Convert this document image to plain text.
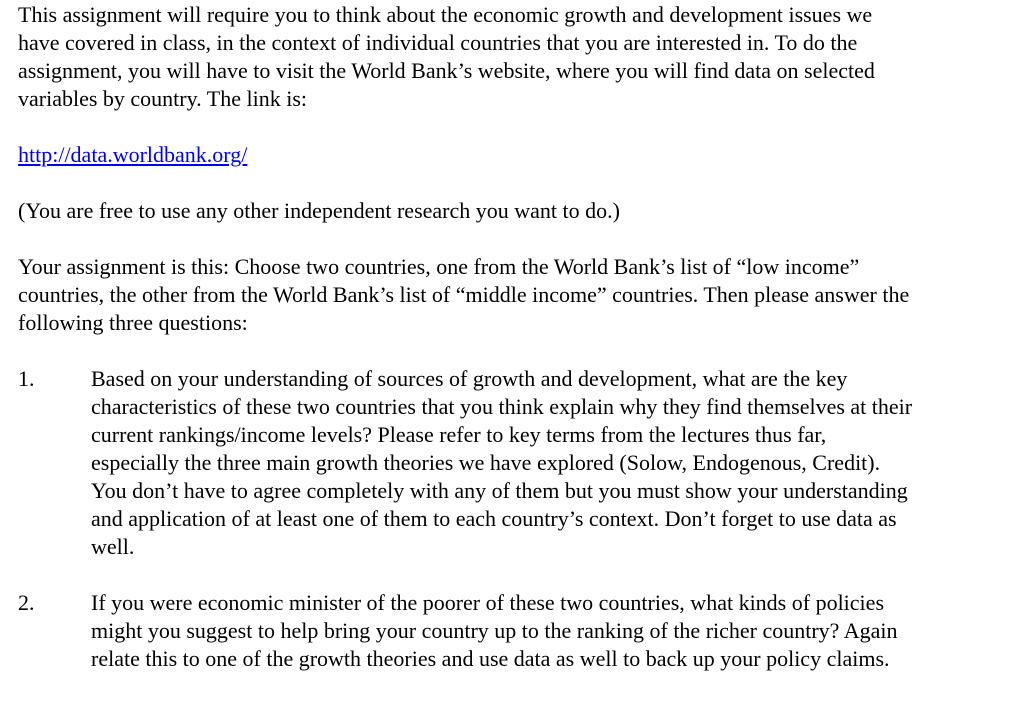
This assignment will require you to think about the economic growth and development issues we have covered in class, in the context of individual countries that you are interested in. To do the assignment, you will have to visit the World Bank’s website, where you will find data on selected variables by country. The link is:

http://data.worldbank.org/

(You are free to use any other independent research you want to do.)

Your assignment is this: Choose two countries, one from the World Bank’s list of “low income” countries, the other from the World Bank’s list of “middle income” countries. Then please answer the following three questions:

1.	Based on your understanding of sources of growth and development, what are the key characteristics of these two countries that you think explain why they find themselves at their current rankings/income levels? Please refer to key terms from the lectures thus far, especially the three main growth theories we have explored (Solow, Endogenous, Credit). You don’t have to agree completely with any of them but you must show your understanding and application of at least one of them to each country’s context. Don’t forget to use data as well.
2.	If you were economic minister of the poorer of these two countries, what kinds of policies might you suggest to help bring your country up to the ranking of the richer country? Again relate this to one of the growth theories and use data as well to back up your policy claims.
